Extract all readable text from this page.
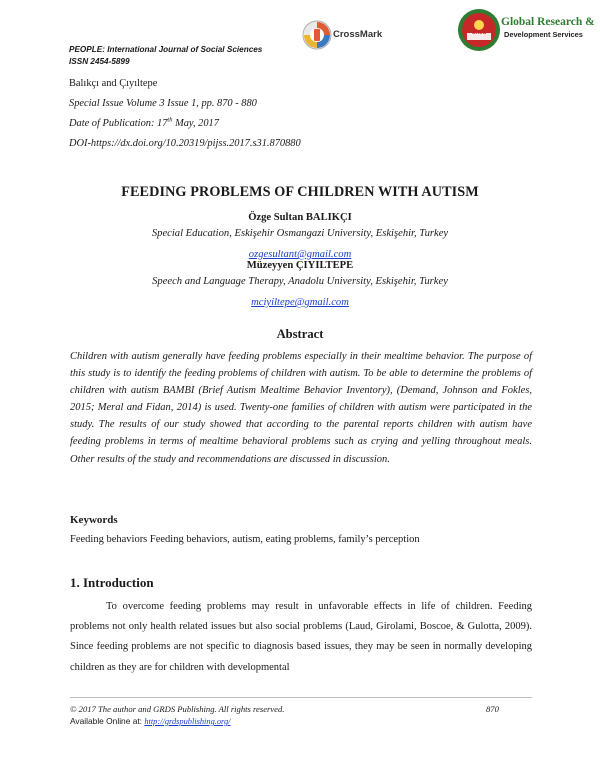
PEOPLE: International Journal of Social Sciences
ISSN 2454-5899
Balıkçı and Çıyıltepe
Special Issue Volume 3 Issue 1, pp. 870 - 880
Date of Publication: 17th May, 2017
DOI-https://dx.doi.org/10.20319/pijss.2017.s31.870880
CrossMark	GRDS
Global Research &
Development Services
FEEDING PROBLEMS OF CHILDREN WITH AUTISM
Özge Sultan BALIKÇI
Special Education, Eskişehir Osmangazi University, Eskişehir, Turkey
ozgesultant@gmail.com
Müzeyyen ÇIYILTEPE
Speech and Language Therapy, Anadolu University, Eskişehir, Turkey
mciyiltepe@gmail.com
Abstract
Children with autism generally have feeding problems especially in their mealtime behavior. The purpose of this study is to identify the feeding problems of children with autism. To be able to determine the problems of children with autism BAMBI (Brief Autism Mealtime Behavior Inventory), (Demand, Johnson and Fokles, 2015; Meral and Fidan, 2014) is used. Twenty-one families of children with autism were participated in the study. The results of our study showed that according to the parental reports children with autism have feeding problems in terms of mealtime behavioral problems such as crying and yelling throughout meals. Other results of the study and recommendations are discussed in discussion.
Keywords
Feeding behaviors Feeding behaviors, autism, eating problems, family’s perception
1. Introduction
To overcome feeding problems may result in unfavorable effects in life of children. Feeding problems not only health related issues but also social problems (Laud, Girolami, Boscoe, & Gulotta, 2009). Since feeding problems are not specific to diagnosis based issues, they may be seen in normally developing children as they are for children with developmental
© 2017 The author and GRDS Publishing. All rights reserved.	870
Available Online at: http://grdspublishing.org/
